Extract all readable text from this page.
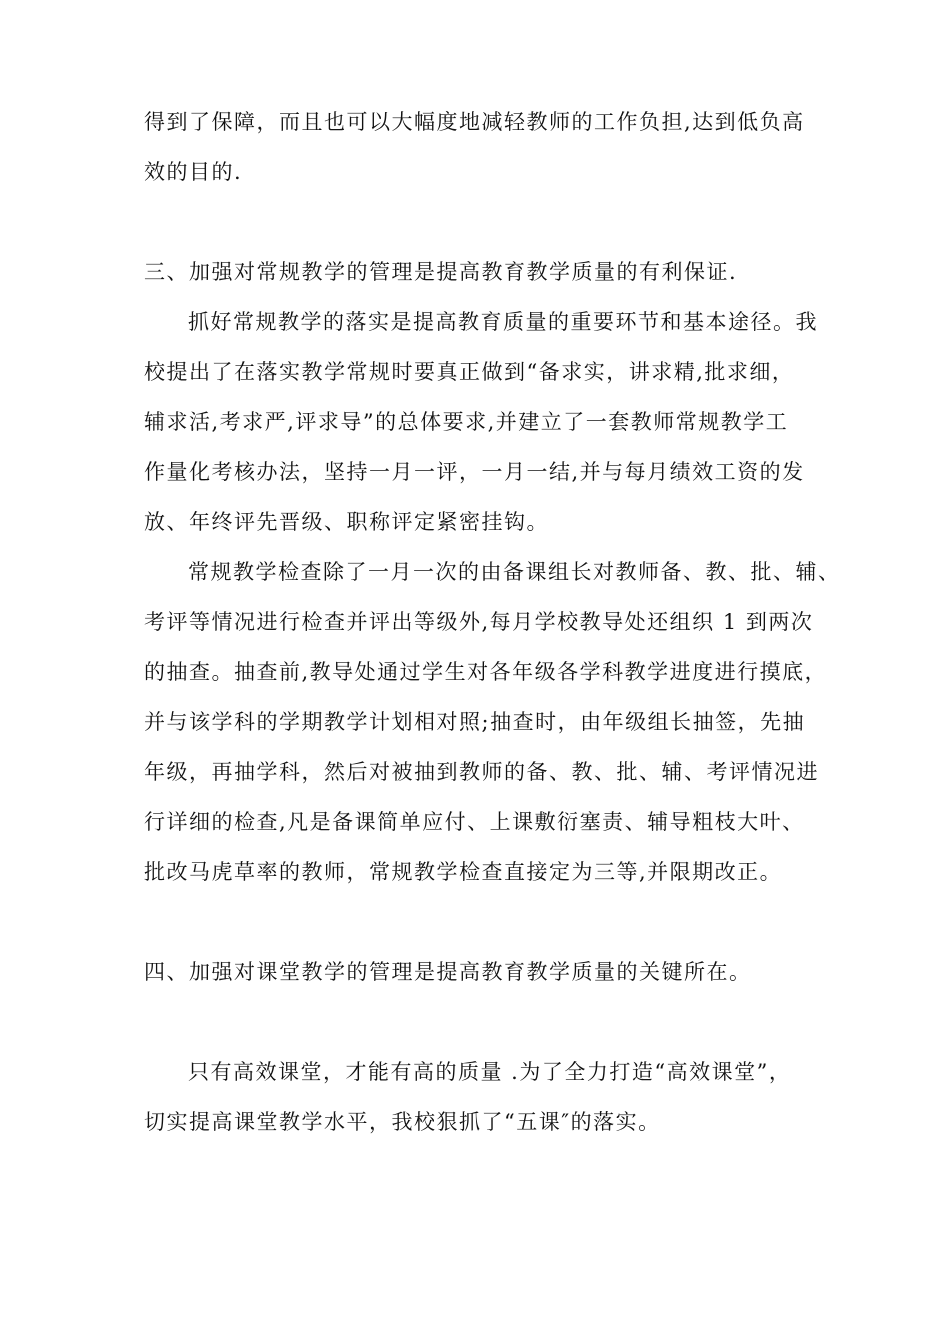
得到了保障，而且也可以大幅度地减轻教师的工作负担,达到低负高
效的目的.
三、加强对常规教学的管理是提高教育教学质量的有利保证.
抓好常规教学的落实是提高教育质量的重要环节和基本途径。我
校提出了在落实教学常规时要真正做到“备求实，讲求精,批求细，
辅求活,考求严,评求导”的总体要求,并建立了一套教师常规教学工
作量化考核办法，坚持一月一评，一月一结,并与每月绩效工资的发
放、年终评先晋级、职称评定紧密挂钩。
常规教学检查除了一月一次的由备课组长对教师备、教、批、辅、
考评等情况进行检查并评出等级外,每月学校教导处还组织 1 到两次
的抽查。抽查前,教导处通过学生对各年级各学科教学进度进行摸底，
并与该学科的学期教学计划相对照;抽查时，由年级组长抽签，先抽
年级，再抽学科，然后对被抽到教师的备、教、批、辅、考评情况进
行详细的检查,凡是备课简单应付、上课敷衍塞责、辅导粗枝大叶、
批改马虎草率的教师，常规教学检查直接定为三等,并限期改正。
四、加强对课堂教学的管理是提高教育教学质量的关键所在。
只有高效课堂，才能有高的质量 .为了全力打造“高效课堂”，
切实提高课堂教学水平，我校狠抓了“五课″的落实。
